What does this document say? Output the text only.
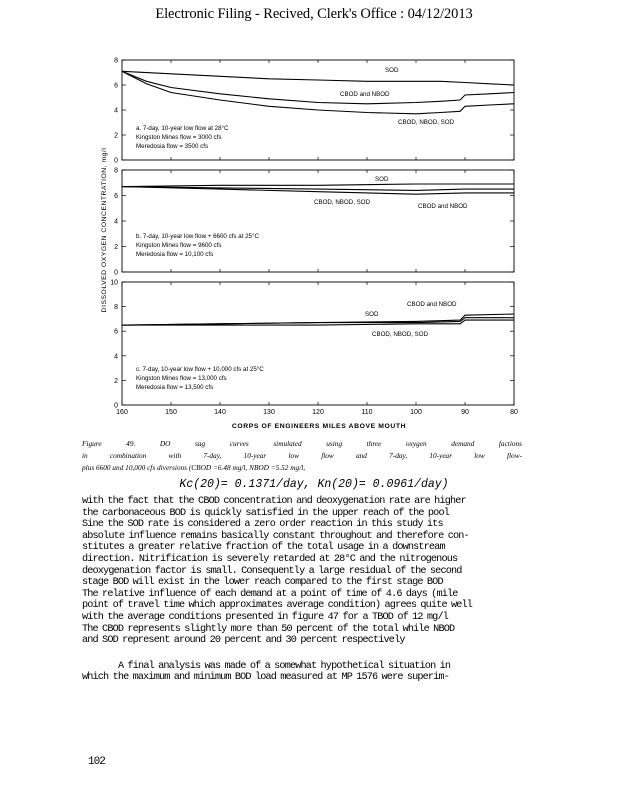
Electronic Filing - Recived, Clerk's Office : 04/12/2013
8
6
4
2
0
SOD
CBOD and NBOD
CBOD, NBOD, SOD
a. 7-day, 10-year low flow at 28°C
Kingston Mines flow = 3000 cfs
Meredosia flow = 3500 cfs
8
6
4
2
0
SOD
CBOD and NBOD
CBOD, NBOD, SOD
b. 7-day, 10-year low flow + 6600 cfs at 25°C
Kingston Mines flow = 9600 cfs
Meredosia flow = 10,100 cfs
10
8
6
4
2
0
CBOD and NBOD
SOD
CBOD, NBOD, SOD
c. 7-day, 10-year low flow + 10,000 cfs at 25°C
Kingston Mines flow = 13,000 cfs
Meredosia flow = 13,500 cfs
DISSOLVED OXYGEN CONCENTRATION, mg/l
160	150	140	130	120	110	100	90	80
CORPS OF ENGINEERS MILES ABOVE MOUTH
Figure 49. DO sag curves simulated using three oxygen demand factions
in combination with 7-day, 10-year low flow and 7-day, 10-year low flow-
plus 6600 and 10,000 cfs diversions (CBOD =6.48 mg/l, NBOD =5.52 mg/l,
Kc(20)= 0.1371/day, Kn(20)= 0.0961/day)
with the fact that the CBOD concentration and deoxygenation rate are higher
the carbonaceous BOD is quickly satisfied in the upper reach of the pool
Sine the SOD rate is considered a zero order reaction in this study its
absolute influence remains basically constant throughout and therefore con-
stitutes a greater relative fraction of the total usage in a downstream
direction. Nitrification is severely retarded at 28°C and the nitrogenous
deoxygenation factor is small. Consequently a large residual of the second
stage BOD will exist in the lower reach compared to the first stage BOD
The relative influence of each demand at a point of time of 4.6 days (mile
point of travel time which approximates average condition) agrees quite well
with the average conditions presented in figure 47 for a TBOD of 12 mg/l
The CBOD represents slightly more than 50 percent of the total while NBOD
and SOD represent around 20 percent and 30 percent respectively
A final analysis was made of a somewhat hypothetical situation in
which the maximum and minimum BOD load measured at MP 1576 were superim-
102
